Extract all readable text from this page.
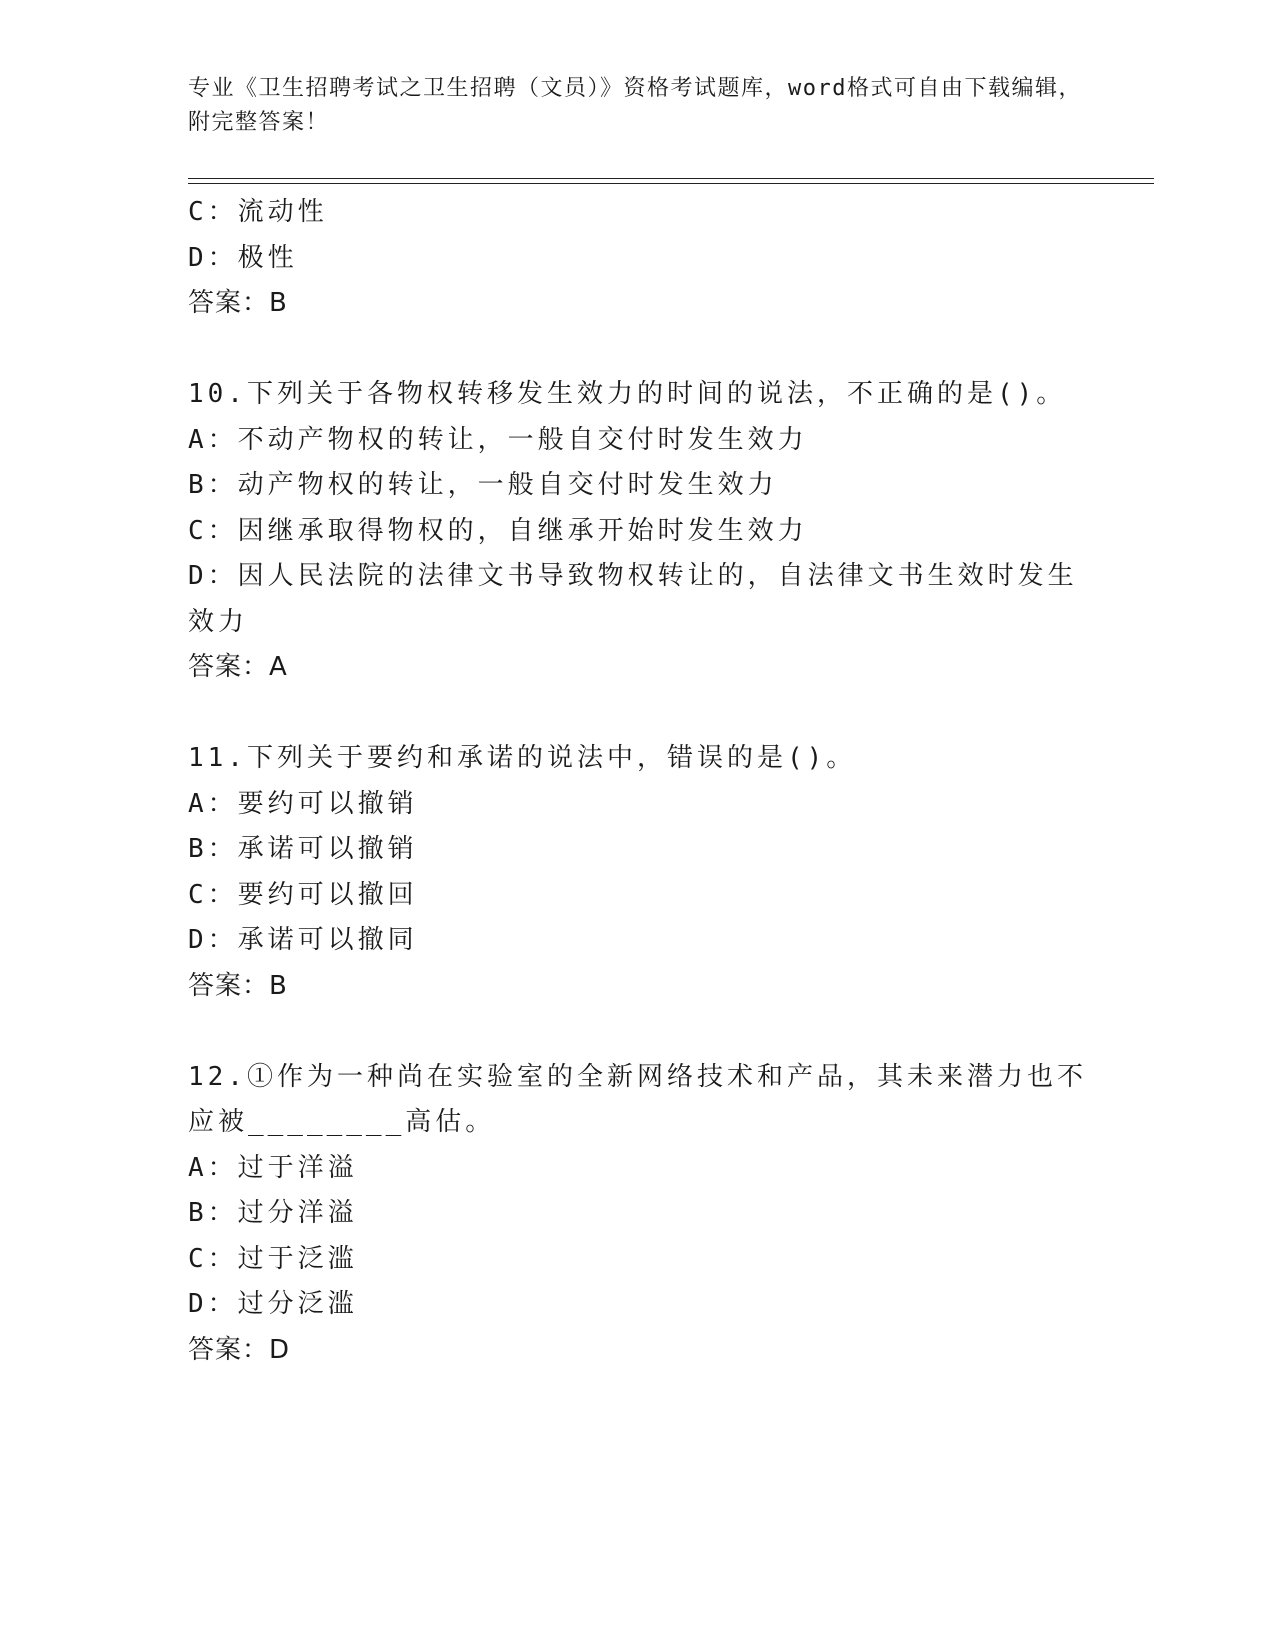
专业《卫生招聘考试之卫生招聘（文员）》资格考试题库，word格式可自由下载编辑，附完整答案！
C：流动性
D：极性
答案：B
10.下列关于各物权转移发生效力的时间的说法，不正确的是()。
A：不动产物权的转让，一般自交付时发生效力
B：动产物权的转让，一般自交付时发生效力
C：因继承取得物权的，自继承开始时发生效力
D：因人民法院的法律文书导致物权转让的，自法律文书生效时发生效力
答案：A
11.下列关于要约和承诺的说法中，错误的是()。
A：要约可以撤销
B：承诺可以撤销
C：要约可以撤回
D：承诺可以撤同
答案：B
12.①作为一种尚在实验室的全新网络技术和产品，其未来潜力也不应被________高估。
A：过于洋溢
B：过分洋溢
C：过于泛滥
D：过分泛滥
答案：D
